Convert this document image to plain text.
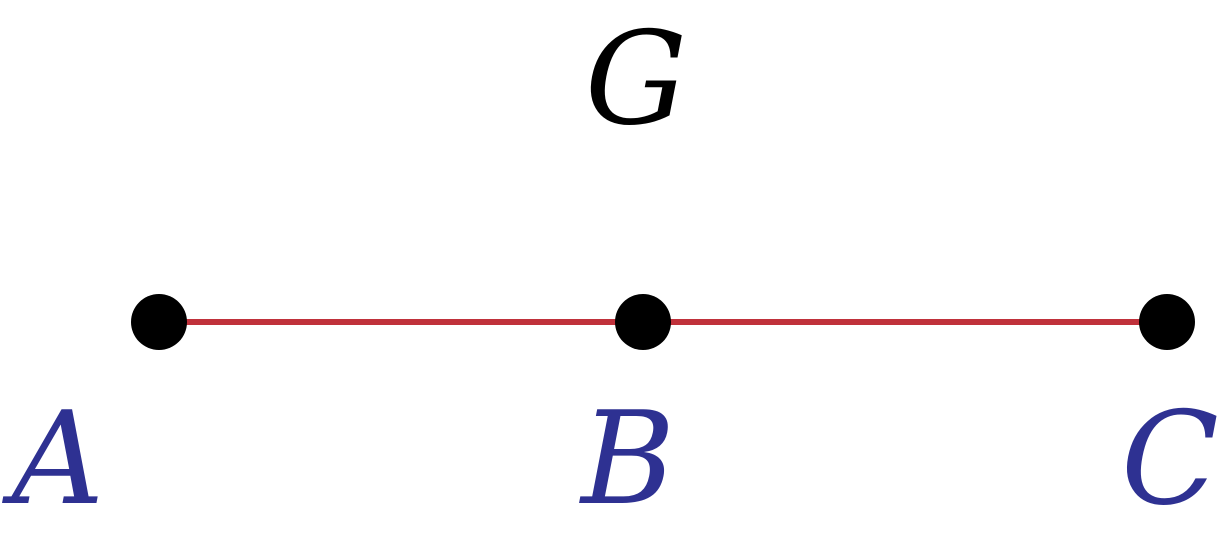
G
A	B	C
